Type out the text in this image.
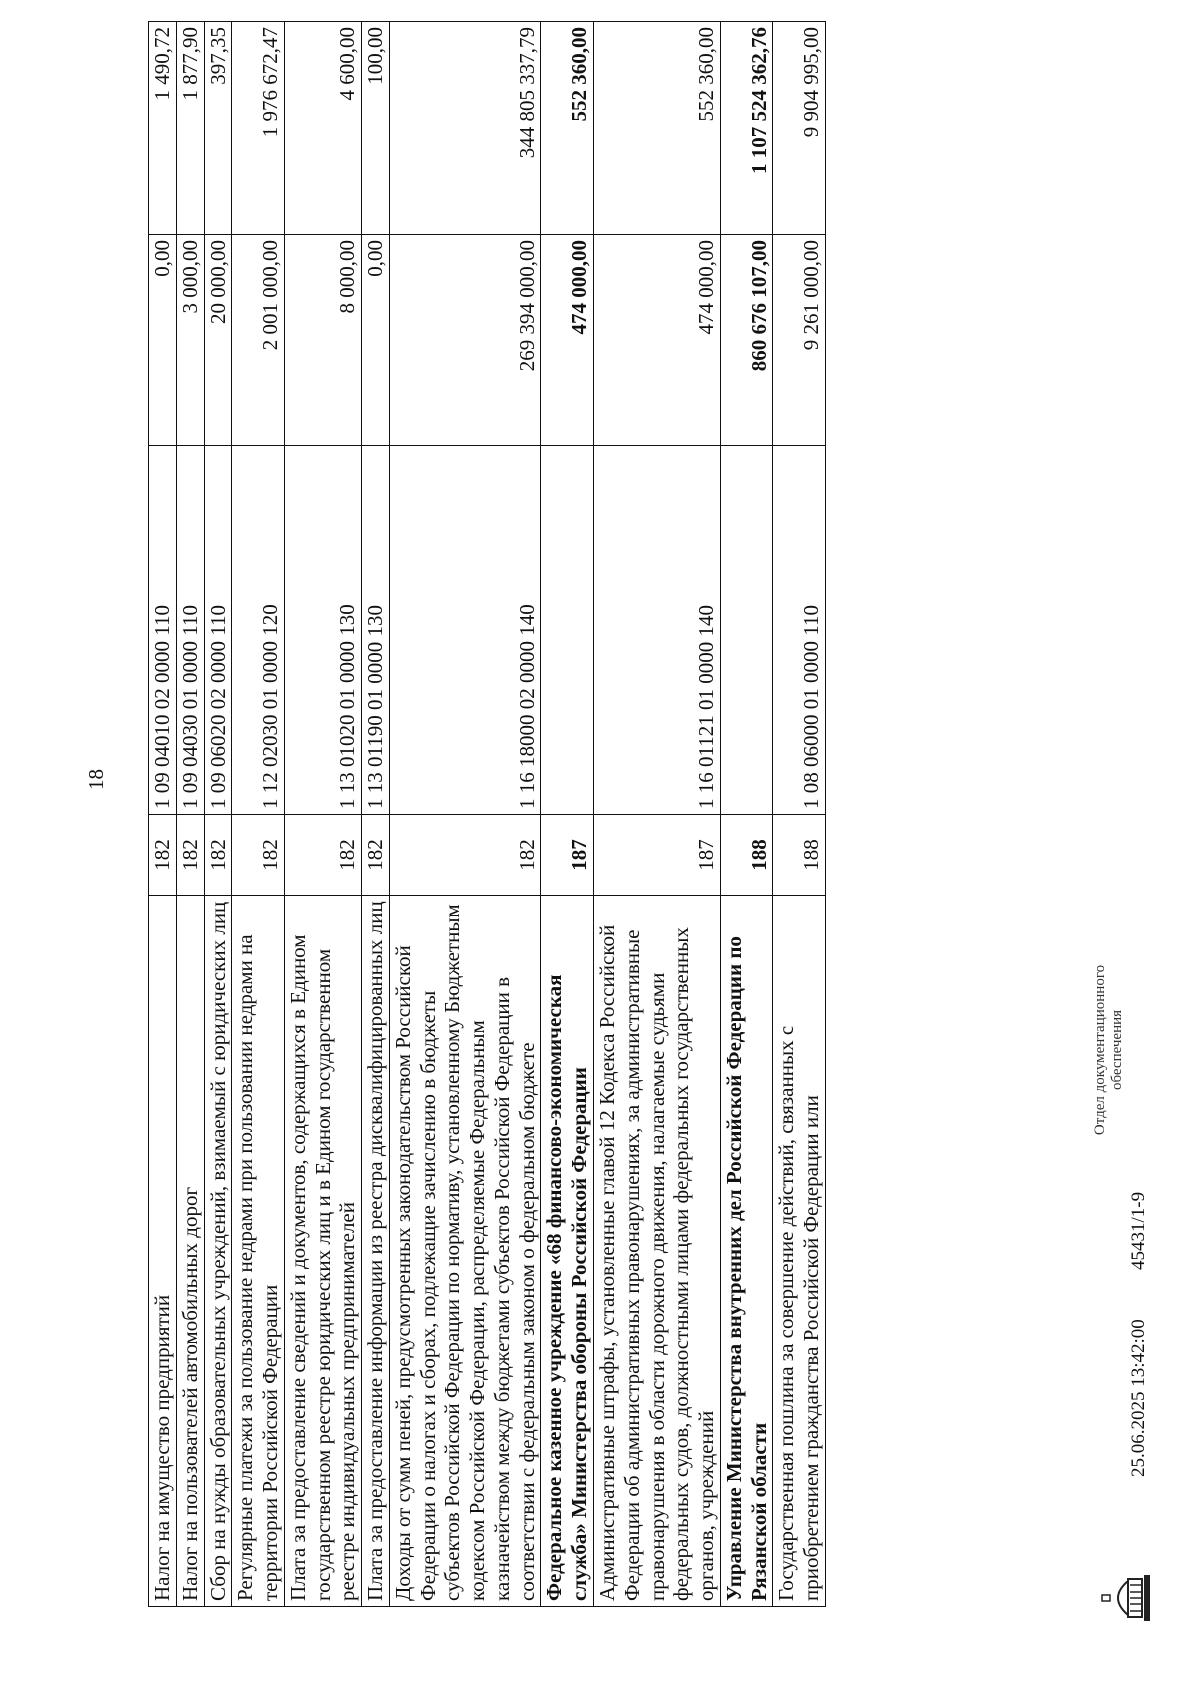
18
Налог на имущество предприятий	182	1 09 04010 02 0000 110	0,00	1 490,72
Налог на пользователей автомобильных дорог	182	1 09 04030 01 0000 110	3 000,00	1 877,90
Сбор на нужды образовательных учреждений, взимаемый с юридических лиц	182	1 09 06020 02 0000 110	20 000,00	397,35
Регулярные платежи за пользование недрами при пользовании недрами на территории Российской Федерации	182	1 12 02030 01 0000 120	2 001 000,00	1 976 672,47
Плата за предоставление сведений и документов, содержащихся в Едином государственном реестре юридических лиц и в Едином государственном реестре индивидуальных предпринимателей	182	1 13 01020 01 0000 130	8 000,00	4 600,00
Плата за предоставление информации из реестра дисквалифицированных лиц	182	1 13 01190 01 0000 130	0,00	100,00
Доходы от сумм пеней, предусмотренных законодательством Российской Федерации о налогах и сборах, подлежащие зачислению в бюджеты субъектов Российской Федерации по нормативу, установленному Бюджетным кодексом Российской Федерации, распределяемые Федеральным казначейством между бюджетами субъектов Российской Федерации в соответствии с федеральным законом о федеральном бюджете	182	1 16 18000 02 0000 140	269 394 000,00	344 805 337,79
Федеральное казенное учреждение «68 финансово-экономическая служба» Министерства обороны Российской Федерации	187		474 000,00	552 360,00
Административные штрафы, установленные главой 12 Кодекса Российской Федерации об административных правонарушениях, за административные правонарушения в области дорожного движения, налагаемые судьями федеральных судов, должностными лицами федеральных государственных органов, учреждений	187	1 16 01121 01 0000 140	474 000,00	552 360,00
Управление Министерства внутренних дел Российской Федерации по Рязанской области	188		860 676 107,00	1 107 524 362,76
Государственная пошлина за совершение действий, связанных с приобретением гражданства Российской Федерации или	188	1 08 06000 01 0000 110	9 261 000,00	9 904 995,00
25.06.2025 13:42:00
45431/1-9
Отдел документационного обеспечения
